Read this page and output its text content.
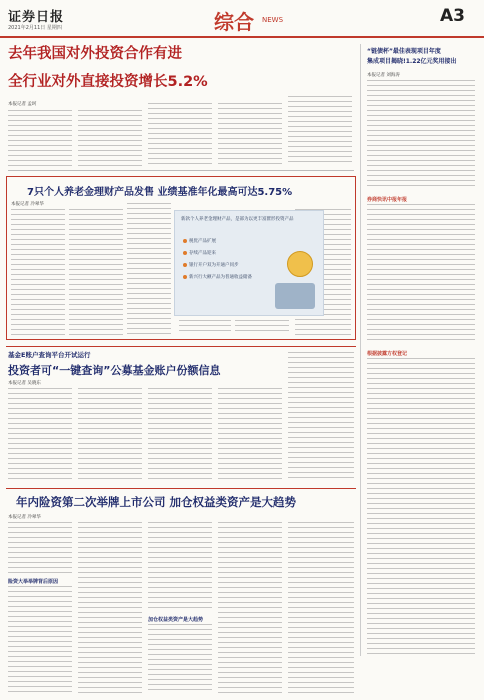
证券日报
2021年2月11日 星期四	综合 NEWS	A3
去年我国对外投资合作有进
全行业对外直接投资增长5.2%
本报记者 孟珂
“链债杯”最佳表现项目年度
集成项目揭晓!1.22亿元奖用接出
本报记者 刘海涛
券商快讯中报年报
根据披露方权登记
7只个人养老金理财产品发售 业绩基准年化最高可达5.75%
本报记者 冷翠华
新款个人养老金理财产品，是部为以更丰富匮形投资产品
税优产品扩展
存续产品迎来
银行开户双为开通户同步
新兴行大额产品为普通收益储备
基金E账户查询平台开试运行
投资者可“一键查询”公募基金账户份额信息
本报记者 吴晓东
年内险资第二次举牌上市公司 加仓权益类资产是大趋势
本报记者 冷翠华
险资大举举牌背后原因
加仓权益类资产是大趋势
